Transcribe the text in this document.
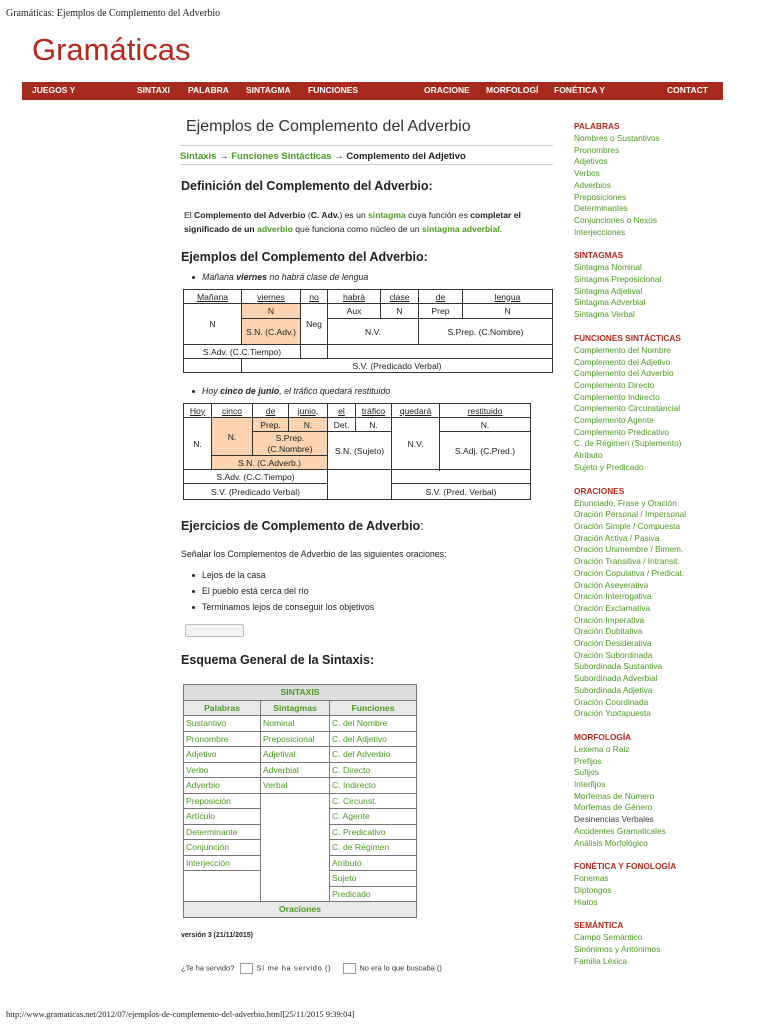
Gramáticas: Ejemplos de Complemento del Adverbio
Gramáticas
JUEGOS Y	SINTAXI PALABRA SINTAGMA FUNCIONES	ORACIONE MORFOLOGÍ FONÉTICA Y	CONTACT
Ejemplos de Complemento del Adverbio
Sintaxis → Funciones Sintácticas → Complemento del Adjetivo
Definición del Complemento del Adverbio:
El Complemento del Adverbio (C. Adv.) es un sintagma cuya función es completar el significado de un adverbio que funciona como núcleo de un sintagma adverbial.
Ejemplos del Complemento del Adverbio:
Mañana viernes no habrá clase de lengua
Mañana	viernes	no	habrá	clase	de	lengua
N	N	Neg	Aux	N	Prep	N
	S.N. (C.Adv.)		N.V.		S.Prep. (C.Nombre)	
S.Adv. (C.C.Tiempo)						
	S.V. (Predicado Verbal)					
Hoy cinco de junio, el tráfico quedará restituido
Hoy	cinco	de	junio,	el	tráfico	quedará	restituido
N.	N.	Prep.	N.	Det.	N.	N.V.	N.
		S.Prep. (C.Nombre)		S.N. (Sujeto)			S.Adj. (C.Pred.)
	S.N. (C.Adverb.)						

S.Adv. (C.C.Tiempo)							
S.V. (Predicado Verbal)						S.V. (Pred. Verbal)	
Ejercicios de Complemento de Adverbio:
Señalar los Complementos de Adverbio de las siguientes oraciones:
Lejos de la casa
El pueblo está cerca del río
Terminamos lejos de conseguir los objetivos
Esquema General de la Sintaxis:
SINTAXIS		
Palabras	Sintagmas	Funciones
Sustantivo	Nominal	C. del Nombre
Pronombre	Preposicional	C. del Adjetivo
Adjetivo	Adjetival	C. del Adverbio
Verbo	Adverbial	C. Directo
Adverbio	Verbal	C. Indirecto
Preposición		C. Circunst.
Artículo		C. Agente
Determinante		C. Predicativo
Conjunción		C. de Régimen
Interjección		Atributo
		Sujeto
		Predicado
Oraciones		
versión 3 (21/11/2015)
¿Te ha servido?	Sí me ha servido ()	No era lo que buscaba ()
PALABRAS
Nombres o Sustantivos
Pronombres
Adjetivos
Verbos
Adverbios
Preposiciones
Determinantes
Conjunciones o Nexos
Interjecciones
SINTAGMAS
Sintagma Nominal
Sintagma Preposicional
Sintagma Adjetival
Sintagma Adverbial
Sintagma Verbal
FUNCIONES SINTÁCTICAS
Complemento del Nombre
Complemento del Adjetivo
Complemento del Adverbio
Complemento Directo
Complemento Indirecto
Complemento Circunstancial
Complemento Agente
Complemento Predicativo
C. de Régimen (Suplemento)
Atributo
Sujeto y Predicado
ORACIONES
Enunciado, Frase y Oración
Oración Personal / Impersonal
Oración Simple / Compuesta
Oración Activa / Pasiva
Oración Unimembre / Bimem.
Oración Transitiva / Intransit.
Oración Copulativa / Predicat.
Oración Aseverativa
Oración Interrogativa
Oración Exclamativa
Oración Imperativa
Oración Dubitativa
Oración Desiderativa
Oración Subordinada
Subordinada Sustantiva
Subordinada Adverbial
Subordinada Adjetiva
Oración Coordinada
Oración Yuxtapuesta
MORFOLOGÍA
Lexema o Raíz
Prefijos
Sufijos
Interfijos
Morfemas de Número
Morfemas de Género
Desinencias Verbales
Accidentes Gramaticales
Análisis Morfológico
FONÉTICA Y FONOLOGÍA
Fonemas
Diptongos
Hiatos
SEMÁNTICA
Campo Semántico
Sinónimos y Antónimos
Familia Léxica
http://www.gramaticas.net/2012/07/ejemplos-de-complemento-del-adverbio.html[25/11/2015 9:39:04]
